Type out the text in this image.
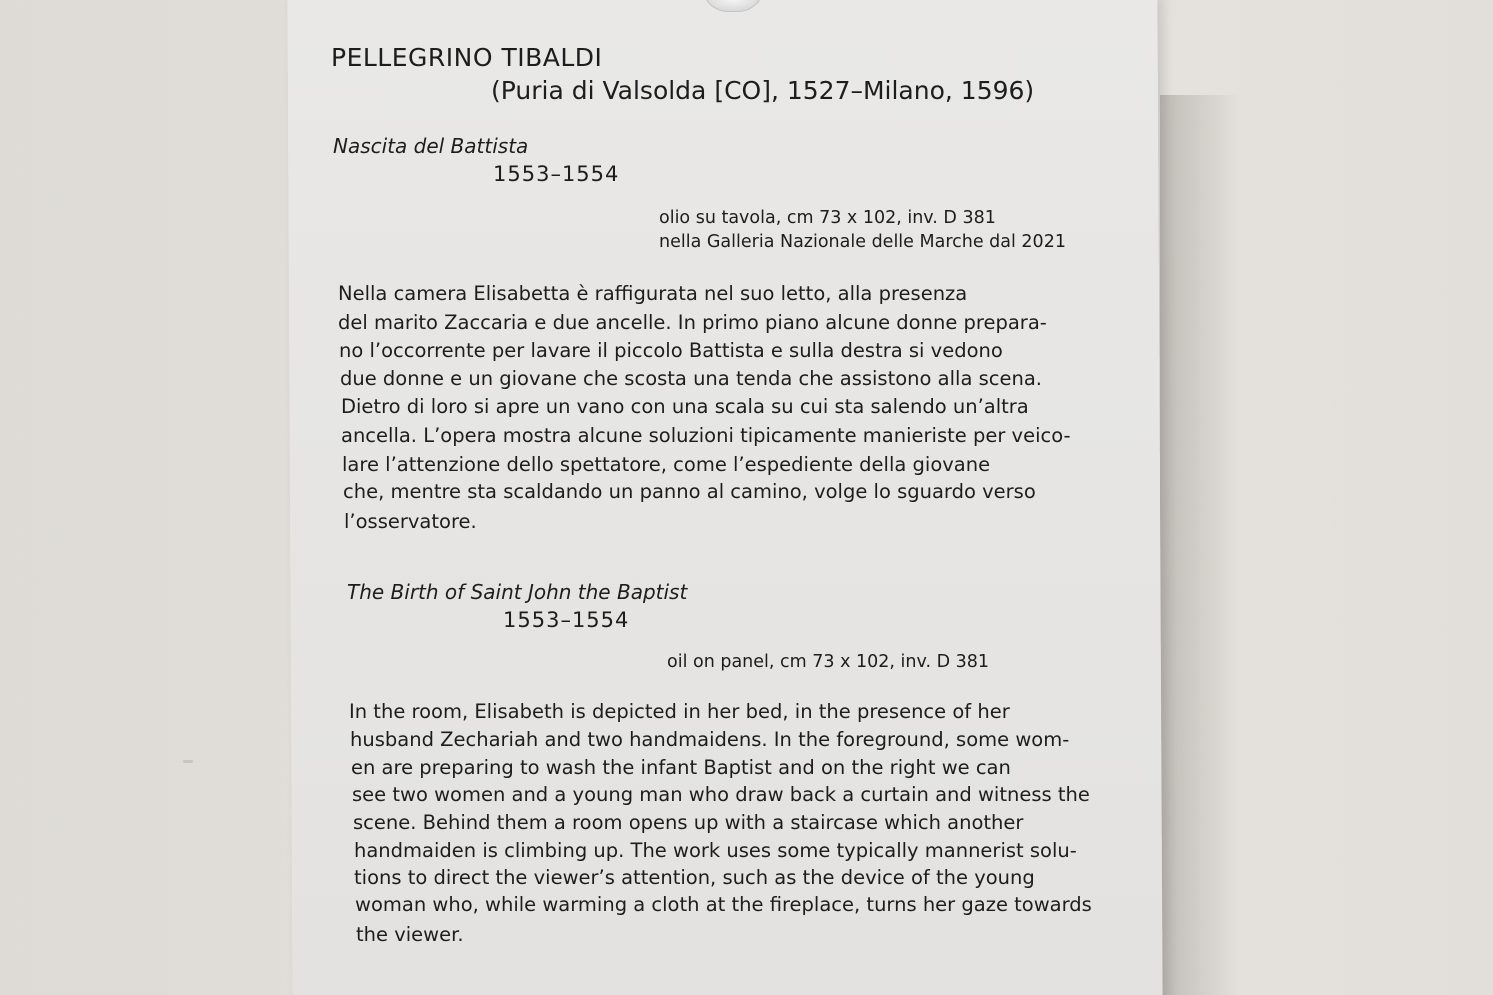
PELLEGRINO TIBALDI
(Puria di Valsolda [CO], 1527–Milano, 1596)
Nascita del Battista
1553–1554
olio su tavola, cm 73 x 102, inv. D 381
nella Galleria Nazionale delle Marche dal 2021
Nella camera Elisabetta è raffigurata nel suo letto, alla presenza
del marito Zaccaria e due ancelle. In primo piano alcune donne prepara-
no l’occorrente per lavare il piccolo Battista e sulla destra si vedono
due donne e un giovane che scosta una tenda che assistono alla scena.
Dietro di loro si apre un vano con una scala su cui sta salendo un’altra
ancella. L’opera mostra alcune soluzioni tipicamente manieriste per veico-
lare l’attenzione dello spettatore, come l’espediente della giovane
che, mentre sta scaldando un panno al camino, volge lo sguardo verso
l’osservatore.
The Birth of Saint John the Baptist
1553–1554
oil on panel, cm 73 x 102, inv. D 381
In the room, Elisabeth is depicted in her bed, in the presence of her
husband Zechariah and two handmaidens. In the foreground, some wom-
en are preparing to wash the infant Baptist and on the right we can
see two women and a young man who draw back a curtain and witness the
scene. Behind them a room opens up with a staircase which another
handmaiden is climbing up. The work uses some typically mannerist solu-
tions to direct the viewer’s attention, such as the device of the young
woman who, while warming a cloth at the fireplace, turns her gaze towards
the viewer.
